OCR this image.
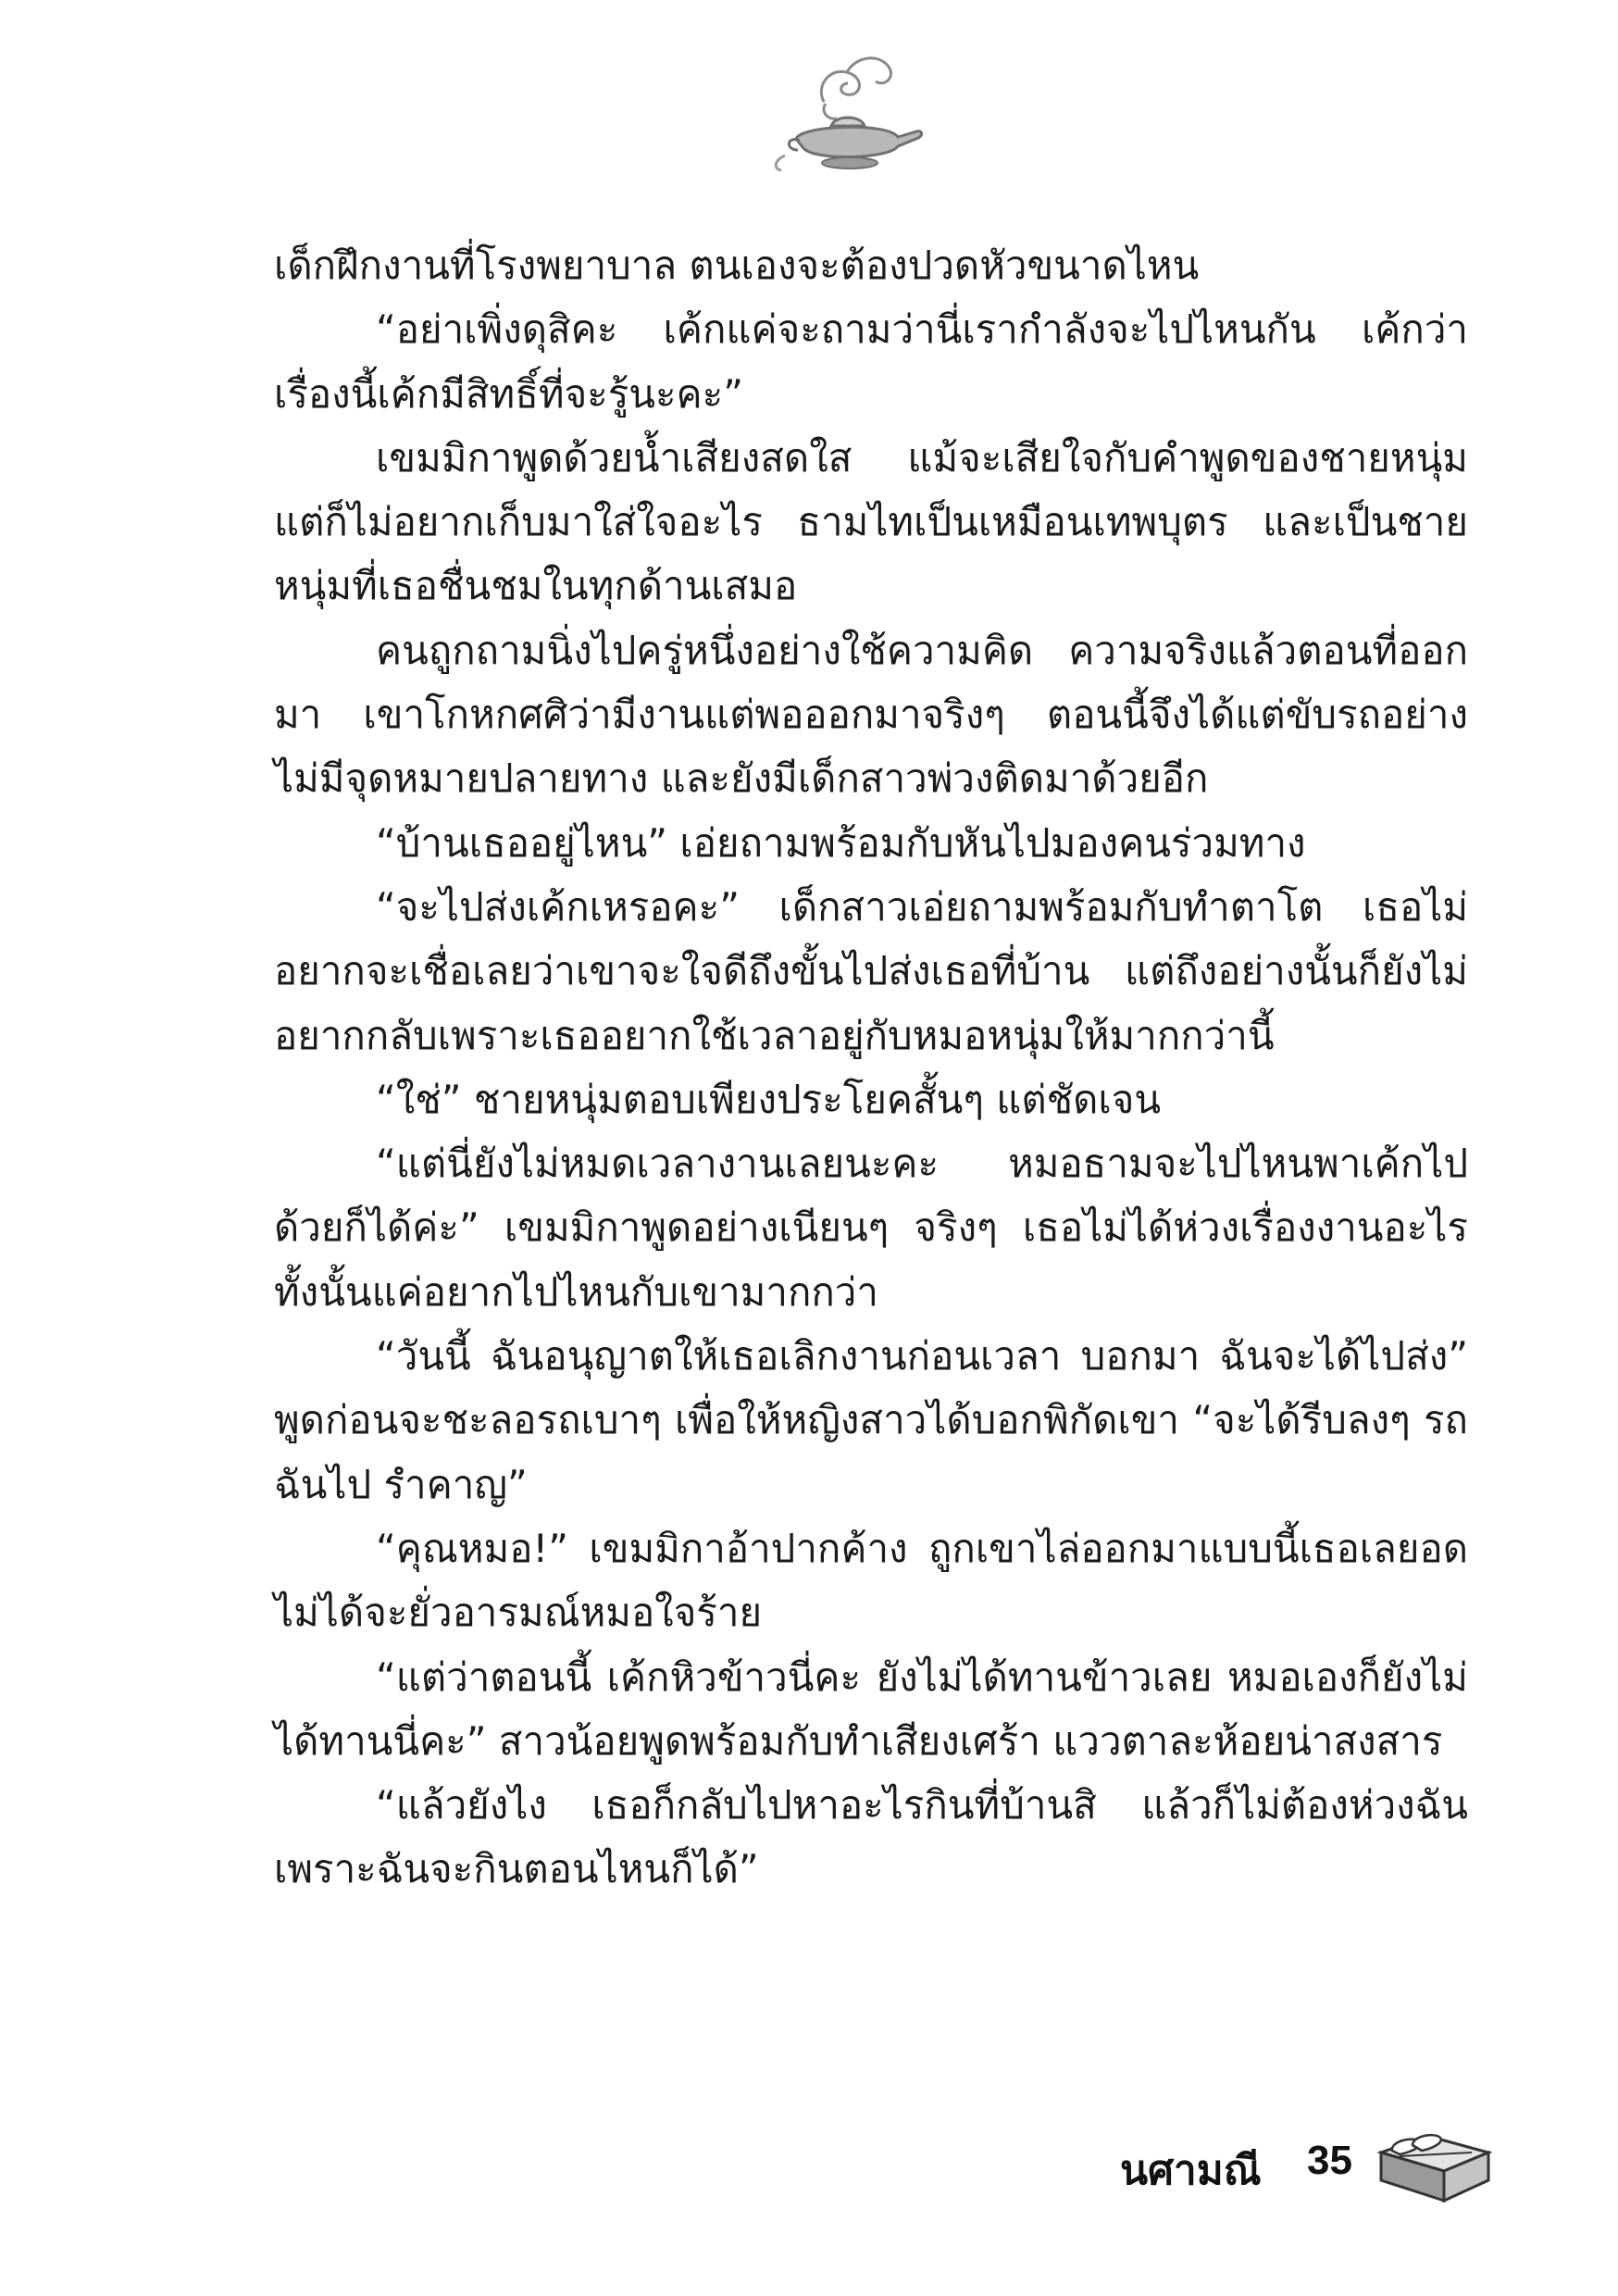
เด็กฝึกงานที่โรงพยาบาล ตนเองจะต้องปวดหัวขนาดไหน

“อย่าเพิ่งดุสิคะ เค้กแค่จะถามว่านี่เรากำลังจะไปไหนกัน เค้กว่าเรื่องนี้เค้กมีสิทธิ์ที่จะรู้นะคะ”

เขมมิกาพูดด้วยน้ำเสียงสดใส แม้จะเสียใจกับคำพูดของชายหนุ่มแต่ก็ไม่อยากเก็บมาใส่ใจอะไร ธามไทเป็นเหมือนเทพบุตร และเป็นชายหนุ่มที่เธอชื่นชมในทุกด้านเสมอ

คนถูกถามนิ่งไปครู่หนึ่งอย่างใช้ความคิด ความจริงแล้วตอนที่ออกมา เขาโกหกศศิว่ามีงานแต่พอออกมาจริงๆ ตอนนี้จึงได้แต่ขับรถอย่างไม่มีจุดหมายปลายทาง และยังมีเด็กสาวพ่วงติดมาด้วยอีก

“บ้านเธออยู่ไหน” เอ่ยถามพร้อมกับหันไปมองคนร่วมทาง

“จะไปส่งเค้กเหรอคะ” เด็กสาวเอ่ยถามพร้อมกับทำตาโต เธอไม่อยากจะเชื่อเลยว่าเขาจะใจดีถึงขั้นไปส่งเธอที่บ้าน แต่ถึงอย่างนั้นก็ยังไม่อยากกลับเพราะเธออยากใช้เวลาอยู่กับหมอหนุ่มให้มากกว่านี้

“ใช่” ชายหนุ่มตอบเพียงประโยคสั้นๆ แต่ชัดเจน

“แต่นี่ยังไม่หมดเวลางานเลยนะคะ หมอธามจะไปไหนพาเค้กไปด้วยก็ได้ค่ะ” เขมมิกาพูดอย่างเนียนๆ จริงๆ เธอไม่ได้ห่วงเรื่องงานอะไรทั้งนั้นแค่อยากไปไหนกับเขามากกว่า

“วันนี้ ฉันอนุญาตให้เธอเลิกงานก่อนเวลา บอกมา ฉันจะได้ไปส่ง” พูดก่อนจะชะลอรถเบาๆ เพื่อให้หญิงสาวได้บอกพิกัดเขา “จะได้รีบลงๆ รถฉันไป รำคาญ”

“คุณหมอ!” เขมมิกาอ้าปากค้าง ถูกเขาไล่ออกมาแบบนี้เธอเลยอดไม่ได้จะยั่วอารมณ์หมอใจร้าย

“แต่ว่าตอนนี้ เค้กหิวข้าวนี่คะ ยังไม่ได้ทานข้าวเลย หมอเองก็ยังไม่ได้ทานนี่คะ” สาวน้อยพูดพร้อมกับทำเสียงเศร้า แววตาละห้อยน่าสงสาร

“แล้วยังไง เธอก็กลับไปหาอะไรกินที่บ้านสิ แล้วก็ไม่ต้องห่วงฉันเพราะฉันจะกินตอนไหนก็ได้”

นศามณี 35
